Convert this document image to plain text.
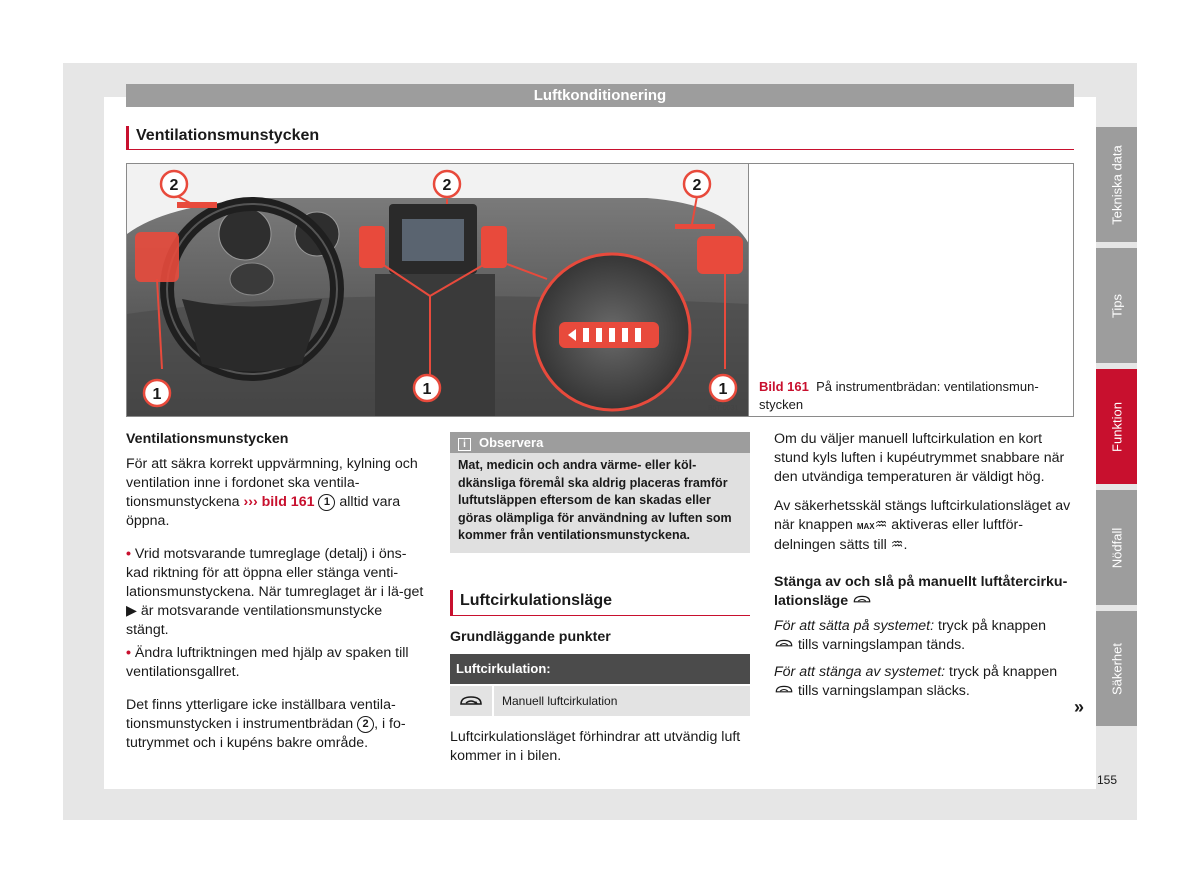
Luftkonditionering
Ventilationsmunstycken
2	2	2
1	1	1
B5T-0031
Bild 161 På instrumentbrädan: ventilationsmun-stycken

Ventilationsmunstycken

För att säkra korrekt uppvärmning, kylning och ventilation inne i fordonet ska ventila-tionsmunstyckena ››› bild 161 1 alltid vara öppna.

• Vrid motsvarande tumreglage (detalj) i öns-kad riktning för att öppna eller stänga venti-lationsmunstyckena. När tumreglaget är i lä-get ▶ är motsvarande ventilationsmunstycke stängt.

• Ändra luftriktningen med hjälp av spaken till ventilationsgallret.

Det finns ytterligare icke inställbara ventila-tionsmunstycken i instrumentbrädan 2 , i fo-tutrymmet och i kupéns bakre område.

i Observera
Mat, medicin och andra värme- eller köl-dkänsliga föremål ska aldrig placeras framför luftutsläppen eftersom de kan skadas eller göras olämpliga för användning av luften som kommer från ventilationsmunstyckena.
Luftcirkulationsläge
Grundläggande punkter
Luftcirkulation:
Manuell luftcirkulation
Luftcirkulationsläget förhindrar att utvändig luft kommer in i bilen.

Om du väljer manuell luftcirkulation en kort stund kyls luften i kupéutrymmet snabbare när den utvändiga temperaturen är väldigt hög.

Av säkerhetsskäl stängs luftcirkulationsläget av när knappen MAX♒ aktiveras eller luftför-delningen sätts till ♒.

Stänga av och slå på manuellt luftåtercirku-lationsläge

För att sätta på systemet: tryck på knappen
tills varningslampan tänds.

För att stänga av systemet: tryck på knappen
tills varningslampan släcks.

»
Tekniska data
Tips
Funktion
Nödfall
Säkerhet
155
